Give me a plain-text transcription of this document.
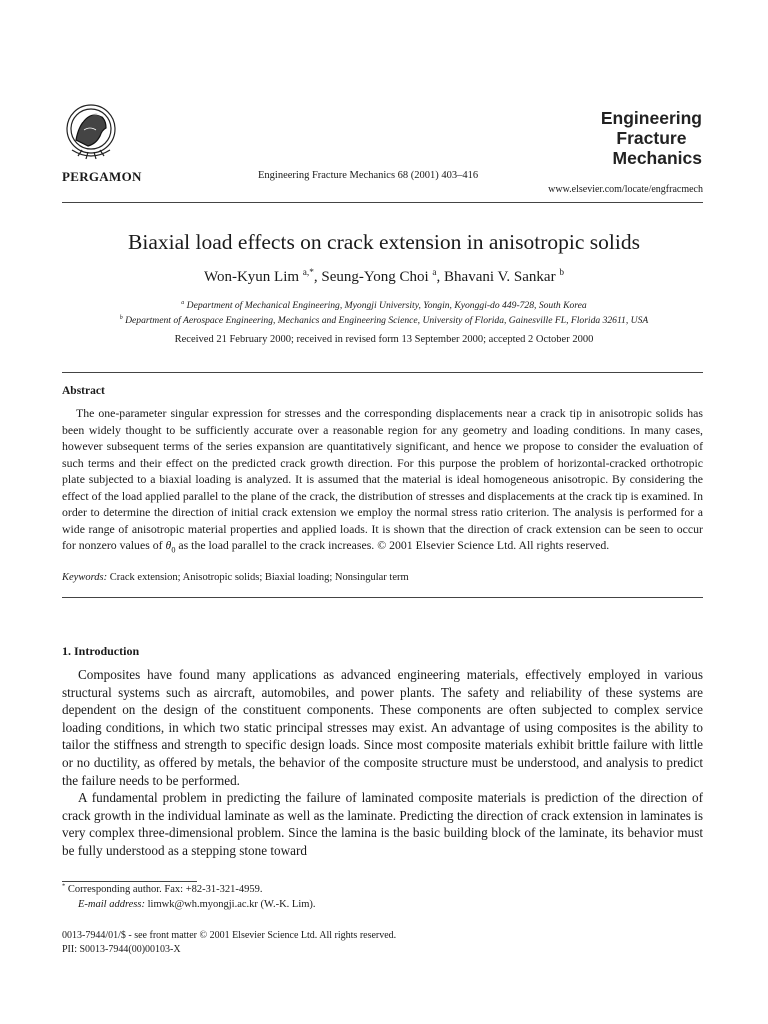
PERGAMON	Engineering Fracture Mechanics 68 (2001) 403–416
Engineering
Fracture
Mechanics
www.elsevier.com/locate/engfracmech
Biaxial load effects on crack extension in anisotropic solids
Won-Kyun Lim $^{a,*}$, Seung-Yong Choi $^a$, Bhavani V. Sankar $^b$
$^a$ Department of Mechanical Engineering, Myongji University, Yongin, Kyonggi-do 449-728, South Korea
$^b$ Department of Aerospace Engineering, Mechanics and Engineering Science, University of Florida, Gainesville FL, Florida 32611, USA
Received 21 February 2000; received in revised form 13 September 2000; accepted 2 October 2000
Abstract

The one-parameter singular expression for stresses and the corresponding displacements near a crack tip in anisotropic solids has been widely thought to be sufficiently accurate over a reasonable region for any geometry and loading conditions. In many cases, however subsequent terms of the series expansion are quantitatively significant, and hence we propose to consider the evaluation of such terms and their effect on the predicted crack growth direction. For this purpose the problem of horizontal-cracked orthotropic plate subjected to a biaxial loading is analyzed. It is assumed that the material is ideal homogeneous anisotropic. By considering the effect of the load applied parallel to the plane of the crack, the distribution of stresses and displacements at the crack tip is examined. In order to determine the direction of initial crack extension we employ the normal stress ratio criterion. The analysis is performed for a wide range of anisotropic material properties and applied loads. It is shown that the direction of crack extension can be seen to occur for nonzero values of $\theta_0$ as the load parallel to the crack increases. © 2001 Elsevier Science Ltd. All rights reserved.

Keywords: Crack extension; Anisotropic solids; Biaxial loading; Nonsingular term
1. Introduction

Composites have found many applications as advanced engineering materials, effectively employed in various structural systems such as aircraft, automobiles, and power plants. The safety and reliability of these systems are dependent on the design of the constituent components. These components are often subjected to complex service loading conditions, in which two static principal stresses may exist. An advantage of using composites is the ability to tailor the stiffness and strength to specific design loads. Since most composite materials exhibit brittle failure with little or no ductility, as offered by metals, the behavior of the composite structure must be understood, and analysis to predict the failure needs to be performed.

A fundamental problem in predicting the failure of laminated composite materials is prediction of the direction of crack growth in the individual laminate as well as the laminate. Predicting the direction of crack extension in laminates is very complex three-dimensional problem. Since the lamina is the basic building block of the laminate, its behavior must be fully understood as a stepping stone toward

* Corresponding author. Fax: +82-31-321-4959.
E-mail address: limwk@wh.myongji.ac.kr (W.-K. Lim).
0013-7944/01/$ - see front matter © 2001 Elsevier Science Ltd. All rights reserved.
PII: S0013-7944(00)00103-X
